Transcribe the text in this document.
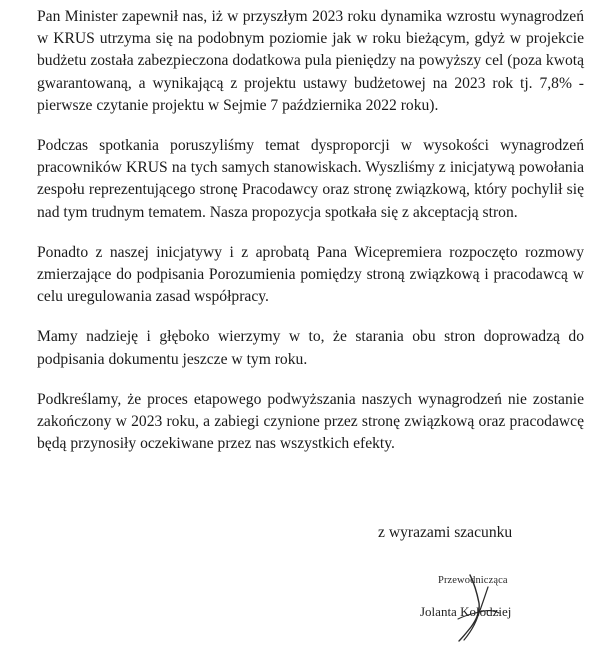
Pan Minister zapewnił nas, iż w przyszłym 2023 roku dynamika wzrostu wynagrodzeń w KRUS utrzyma się na podobnym poziomie jak w roku bieżącym, gdyż w projekcie budżetu została zabezpieczona dodatkowa pula pieniędzy na powyższy cel (poza kwotą gwarantowaną, a wynikającą z projektu ustawy budżetowej na 2023 rok tj. 7,8% - pierwsze czytanie projektu w Sejmie 7 października 2022 roku).

Podczas spotkania poruszyliśmy temat dysproporcji w wysokości wynagrodzeń pracowników KRUS na tych samych stanowiskach. Wyszliśmy z inicjatywą powołania zespołu reprezentującego stronę Pracodawcy oraz stronę związkową, który pochylił się nad tym trudnym tematem. Nasza propozycja spotkała się z akceptacją stron.

Ponadto z naszej inicjatywy i z aprobatą Pana Wicepremiera rozpoczęto rozmowy zmierzające do podpisania Porozumienia pomiędzy stroną związkową i pracodawcą w celu uregulowania zasad współpracy.

Mamy nadzieję i głęboko wierzymy w to, że starania obu stron doprowadzą do podpisania dokumentu jeszcze w tym roku.

Podkreślamy, że proces etapowego podwyższania naszych wynagrodzeń nie zostanie zakończony w 2023 roku, a zabiegi czynione przez stronę związkową oraz pracodawcę będą przynosiły oczekiwane przez nas wszystkich efekty.

z wyrazami szacunku
Przewodnicząca
Jolanta Kołodziej
